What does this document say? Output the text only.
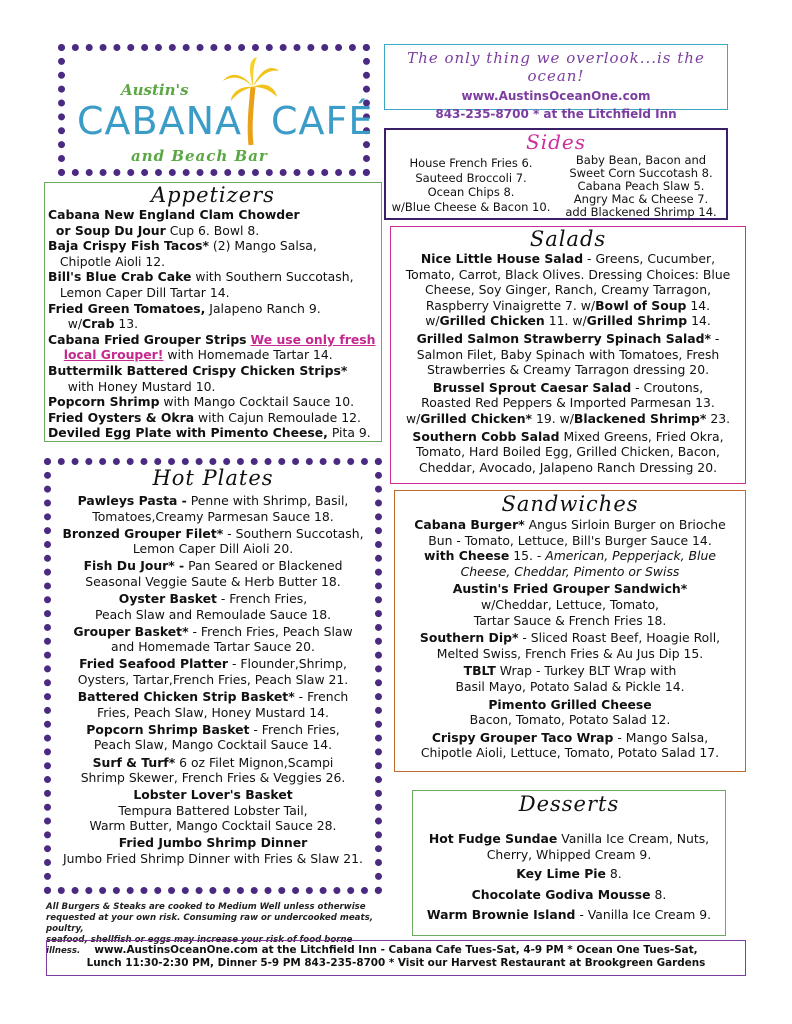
Austin's
CABANA CAFÉ
and Beach Bar
The only thing we overlook...is the ocean!
www.AustinsOceanOne.com
843-235-8700 * at the Litchfield Inn
Sides
House French Fries 6.
Sauteed Broccoli 7.
Ocean Chips 8.
w/Blue Cheese & Bacon 10.
Baby Bean, Bacon and
Sweet Corn Succotash 8.
Cabana Peach Slaw 5.
Angry Mac & Cheese 7.
add Blackened Shrimp 14.
Appetizers
Cabana New England Clam Chowder
or Soup Du Jour Cup 6. Bowl 8.
Baja Crispy Fish Tacos* (2) Mango Salsa,
Chipotle Aioli 12.
Bill's Blue Crab Cake with Southern Succotash,
Lemon Caper Dill Tartar 14.
Fried Green Tomatoes, Jalapeno Ranch 9.
w/Crab 13.
Cabana Fried Grouper Strips We use only fresh
local Grouper! with Homemade Tartar 14.
Buttermilk Battered Crispy Chicken Strips*
with Honey Mustard 10.
Popcorn Shrimp with Mango Cocktail Sauce 10.
Fried Oysters & Okra with Cajun Remoulade 12.
Deviled Egg Plate with Pimento Cheese, Pita 9.
Hot Plates
Pawleys Pasta - Penne with Shrimp, Basil,
Tomatoes,Creamy Parmesan Sauce 18.
Bronzed Grouper Filet* - Southern Succotash,
Lemon Caper Dill Aioli 20.
Fish Du Jour* - Pan Seared or Blackened
Seasonal Veggie Saute & Herb Butter 18.
Oyster Basket - French Fries,
Peach Slaw and Remoulade Sauce 18.
Grouper Basket* - French Fries, Peach Slaw
and Homemade Tartar Sauce 20.
Fried Seafood Platter - Flounder,Shrimp,
Oysters, Tartar,French Fries, Peach Slaw 21.
Battered Chicken Strip Basket* - French
Fries, Peach Slaw, Honey Mustard 14.
Popcorn Shrimp Basket - French Fries,
Peach Slaw, Mango Cocktail Sauce 14.
Surf & Turf* 6 oz Filet Mignon,Scampi
Shrimp Skewer, French Fries & Veggies 26.
Lobster Lover's Basket
Tempura Battered Lobster Tail,
Warm Butter, Mango Cocktail Sauce 28.
Fried Jumbo Shrimp Dinner
Jumbo Fried Shrimp Dinner with Fries & Slaw 21.
All Burgers & Steaks are cooked to Medium Well unless otherwise
requested at your own risk. Consuming raw or undercooked meats, poultry,
seafood, shellfish or eggs may increase your risk of food borne illness.
Salads
Nice Little House Salad - Greens, Cucumber,
Tomato, Carrot, Black Olives. Dressing Choices: Blue
Cheese, Soy Ginger, Ranch, Creamy Tarragon,
Raspberry Vinaigrette 7. w/Bowl of Soup 14.
w/Grilled Chicken 11. w/Grilled Shrimp 14.
Grilled Salmon Strawberry Spinach Salad* -
Salmon Filet, Baby Spinach with Tomatoes, Fresh
Strawberries & Creamy Tarragon dressing 20.
Brussel Sprout Caesar Salad - Croutons,
Roasted Red Peppers & Imported Parmesan 13.
w/Grilled Chicken* 19. w/Blackened Shrimp* 23.
Southern Cobb Salad Mixed Greens, Fried Okra,
Tomato, Hard Boiled Egg, Grilled Chicken, Bacon,
Cheddar, Avocado, Jalapeno Ranch Dressing 20.
Sandwiches
Cabana Burger* Angus Sirloin Burger on Brioche
Bun - Tomato, Lettuce, Bill's Burger Sauce 14.
with Cheese 15. - American, Pepperjack, Blue
Cheese, Cheddar, Pimento or Swiss
Austin's Fried Grouper Sandwich*
w/Cheddar, Lettuce, Tomato,
Tartar Sauce & French Fries 18.
Southern Dip* - Sliced Roast Beef, Hoagie Roll,
Melted Swiss, French Fries & Au Jus Dip 15.
TBLT Wrap - Turkey BLT Wrap with
Basil Mayo, Potato Salad & Pickle 14.
Pimento Grilled Cheese
Bacon, Tomato, Potato Salad 12.
Crispy Grouper Taco Wrap - Mango Salsa,
Chipotle Aioli, Lettuce, Tomato, Potato Salad 17.
Desserts
Hot Fudge Sundae Vanilla Ice Cream, Nuts,
Cherry, Whipped Cream 9.
Key Lime Pie 8.
Chocolate Godiva Mousse 8.
Warm Brownie Island - Vanilla Ice Cream 9.
www.AustinsOceanOne.com at the Litchfield Inn - Cabana Cafe Tues-Sat, 4-9 PM * Ocean One Tues-Sat,
Lunch 11:30-2:30 PM, Dinner 5-9 PM 843-235-8700 * Visit our Harvest Restaurant at Brookgreen Gardens
